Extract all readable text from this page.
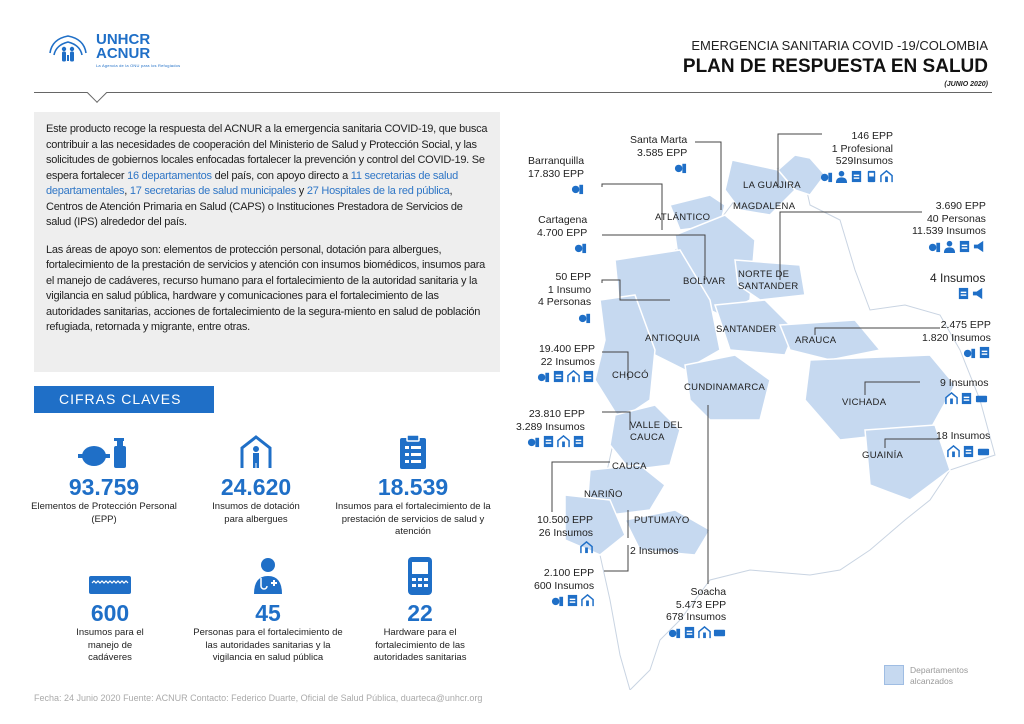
UNHCR
ACNUR
La Agencia de la ONU para los Refugiados
EMERGENCIA SANITARIA COVID -19/COLOMBIA
PLAN DE RESPUESTA EN SALUD
(JUNIO 2020)

Este producto recoge la respuesta del ACNUR a la emergencia sanitaria COVID-19, que busca contribuir a las necesidades de cooperación del Ministerio de Salud y Protección Social, y las solicitudes de gobiernos locales enfocadas fortalecer la prevención y control del COVID-19. Se espera fortalecer 16 departamentos del país, con apoyo directo a 11 secretarias de salud departamentales, 17 secretarias de salud municipales y 27 Hospitales de la red pública, Centros de Atención Primaria en Salud (CAPS) o Instituciones Prestadora de Servicios de salud (IPS) alrededor del país.

Las áreas de apoyo son: elementos de protección personal, dotación para albergues, fortalecimiento de la prestación de servicios y atención con insumos biomédicos, insumos para el manejo de cadáveres, recurso humano para el fortalecimiento de la autoridad sanitaria y la vigilancia en salud pública, hardware y comunicaciones para el fortalecimiento de las autoridades sanitarias, acciones de fortalecimiento de la segura-miento en salud de población refugiada, retornada y migrante, entre otras.

CIFRAS CLAVES
93.759
Elementos de Protección Personal (EPP)
24.620
Insumos de dotación para albergues
18.539
Insumos para el fortalecimiento de la prestación de servicios de salud y atención
600
Insumos para el manejo de cadáveres
45
Personas para el fortalecimiento de las autoridades sanitarias y la vigilancia en salud pública
22
Hardware para el fortalecimiento de las autoridades sanitarias
Fecha: 24 Junio 2020 Fuente: ACNUR Contacto: Federico Duarte, Oficial de Salud Pública, duarteca@unhcr.org
LA GUAJIRA
MAGDALENA
ATLÁNTICO
BOLÍVAR
NORTE DE SANTANDER
SANTANDER
ARAUCA
ANTIOQUIA
CHOCÓ
CUNDINAMARCA
VICHADA
VALLE DEL CAUCA
GUAINÍA
CAUCA
NARIÑO
PUTUMAYO
Santa Marta
3.585 EPP
Barranquilla
17.830 EPP
146 EPP
1 Profesional
529Insumos
Cartagena
4.700 EPP
3.690 EPP
40 Personas
11.539 Insumos
4 Insumos
50 EPP
1 Insumo
4 Personas
2.475 EPP
1.820 Insumos
19.400 EPP
22 Insumos
9 Insumos
23.810 EPP
3.289 Insumos
18 Insumos
10.500 EPP
26 Insumos
2 Insumos
2.100 EPP
600 Insumos
Soacha
5.473 EPP
678 Insumos
Departamentos alcanzados
